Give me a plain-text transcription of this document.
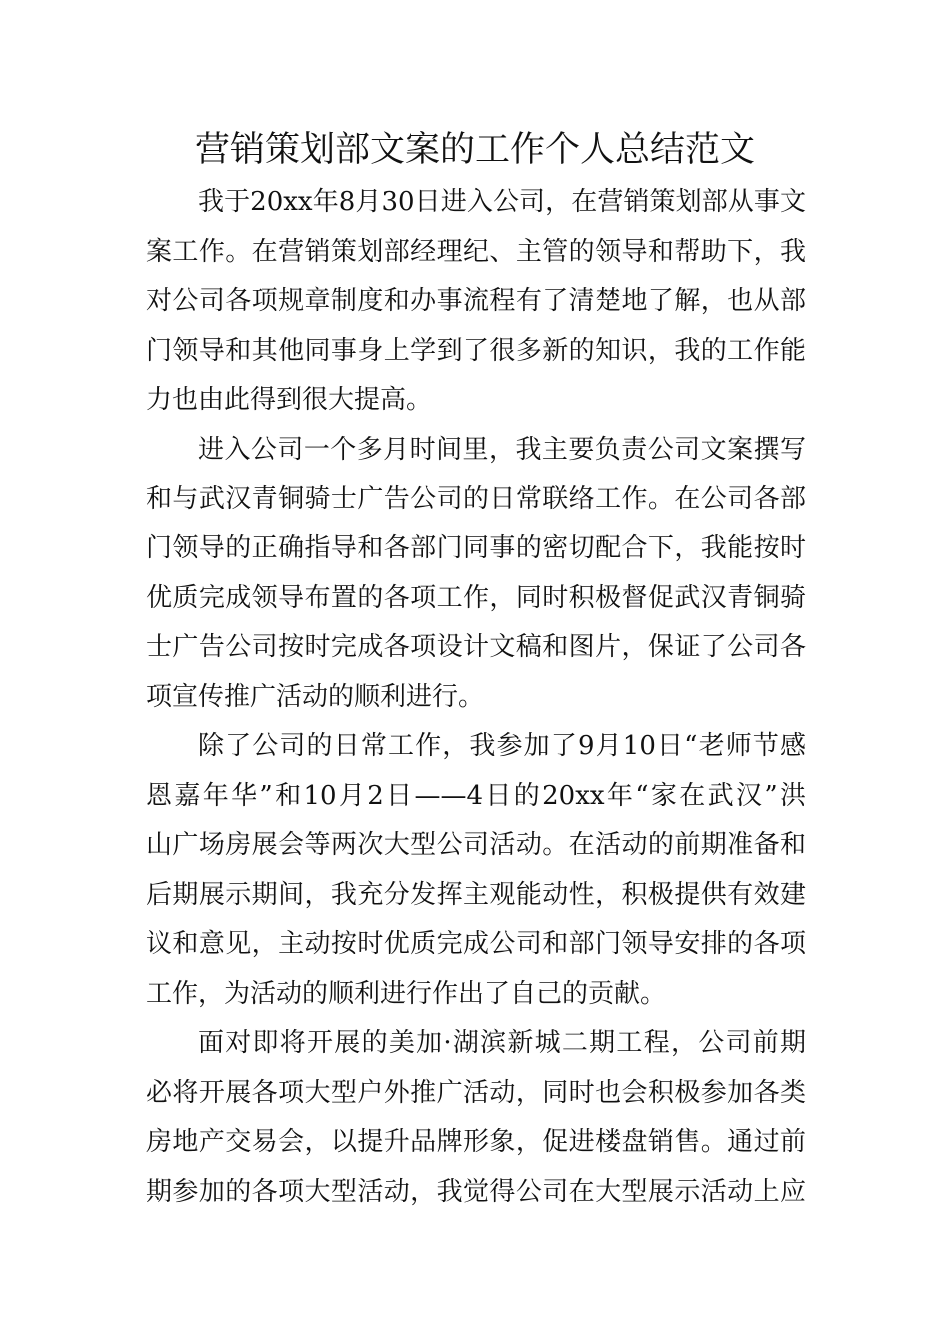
营销策划部文案的工作个人总结范文
我于20xx年8月30日进入公司，在营销策划部从事文
案工作。在营销策划部经理纪、主管的领导和帮助下，我
对公司各项规章制度和办事流程有了清楚地了解，也从部
门领导和其他同事身上学到了很多新的知识，我的工作能
力也由此得到很大提高。
进入公司一个多月时间里，我主要负责公司文案撰写
和与武汉青铜骑士广告公司的日常联络工作。在公司各部
门领导的正确指导和各部门同事的密切配合下，我能按时
优质完成领导布置的各项工作，同时积极督促武汉青铜骑
士广告公司按时完成各项设计文稿和图片，保证了公司各
项宣传推广活动的顺利进行。
除了公司的日常工作，我参加了9月10日“老师节感
恩嘉年华”和10月2日——4日的20xx年“家在武汉”洪
山广场房展会等两次大型公司活动。在活动的前期准备和
后期展示期间，我充分发挥主观能动性，积极提供有效建
议和意见，主动按时优质完成公司和部门领导安排的各项
工作，为活动的顺利进行作出了自己的贡献。
面对即将开展的美加·湖滨新城二期工程，公司前期
必将开展各项大型户外推广活动，同时也会积极参加各类
房地产交易会，以提升品牌形象，促进楼盘销售。通过前
期参加的各项大型活动，我觉得公司在大型展示活动上应
